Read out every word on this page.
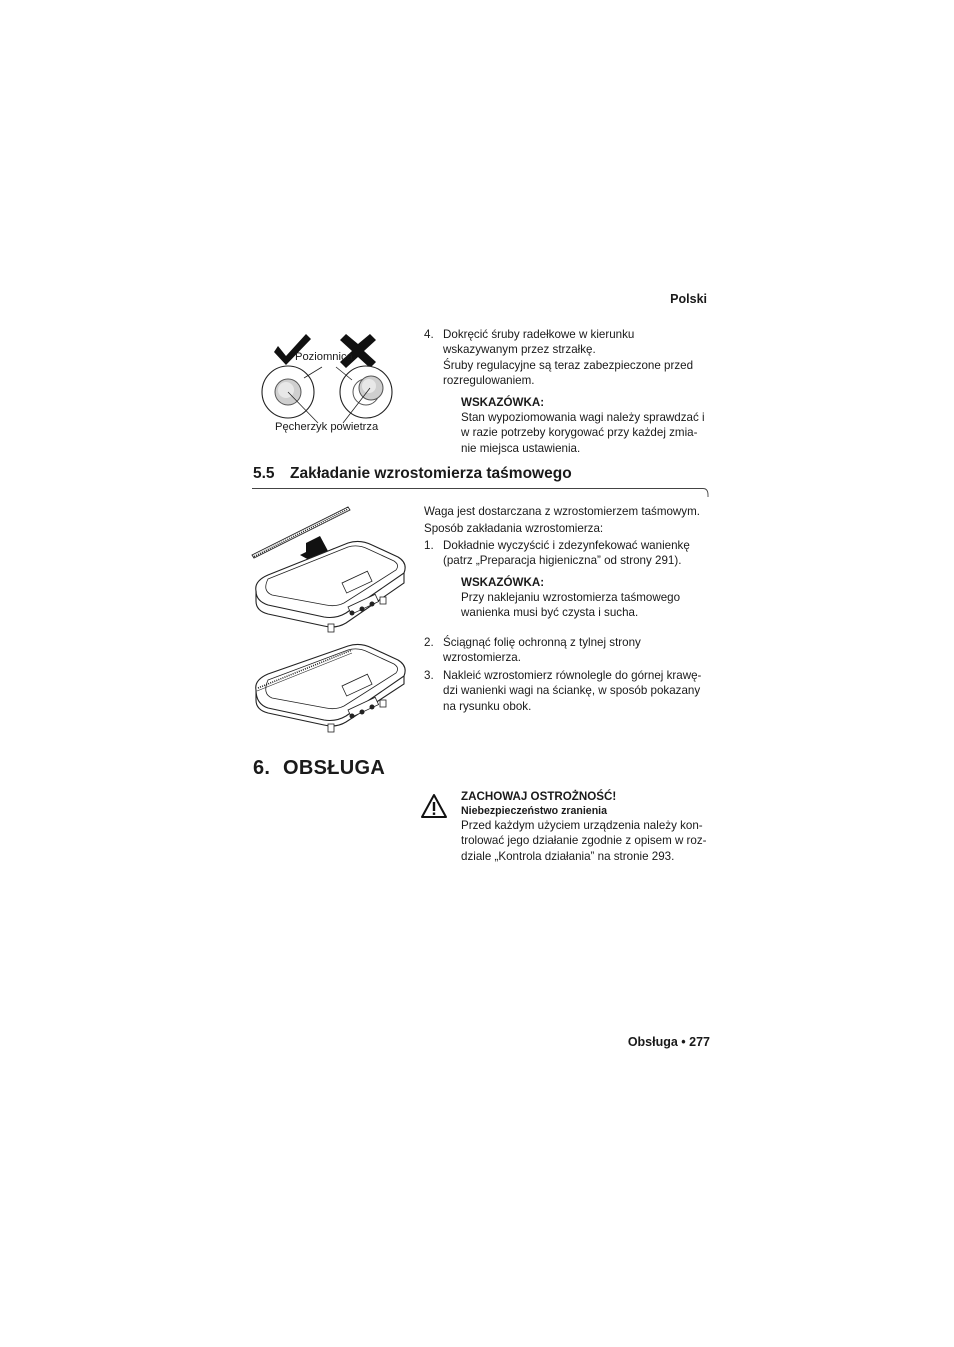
Polski
Poziomnica
Pęcherzyk powietrza
4. Dokręcić śruby radełkowe w kierunku
wskazywanym przez strzałkę.
Śruby regulacyjne są teraz zabezpieczone przed
rozregulowaniem.
WSKAZÓWKA:
Stan wypoziomowania wagi należy sprawdzać i
w razie potrzeby korygować przy każdej zmia-
nie miejsca ustawienia.
5.5 Zakładanie wzrostomierza taśmowego
Waga jest dostarczana z wzrostomierzem taśmowym.
Sposób zakładania wzrostomierza:
1. Dokładnie wyczyścić i zdezynfekować wanienkę
(patrz „Preparacja higieniczna” od strony 291).
WSKAZÓWKA:
Przy naklejaniu wzrostomierza taśmowego
wanienka musi być czysta i sucha.
2. Ściągnąć folię ochronną z tylnej strony
wzrostomierza.
3. Nakleić wzrostomierz równolegle do górnej krawę-
dzi wanienki wagi na ściankę, w sposób pokazany
na rysunku obok.
6. OBSŁUGA
ZACHOWAJ OSTROŻNOŚĆ!
Niebezpieczeństwo zranienia
Przed każdym użyciem urządzenia należy kon-
trolować jego działanie zgodnie z opisem w roz-
dziale „Kontrola działania” na stronie 293.
Obsługa • 277
